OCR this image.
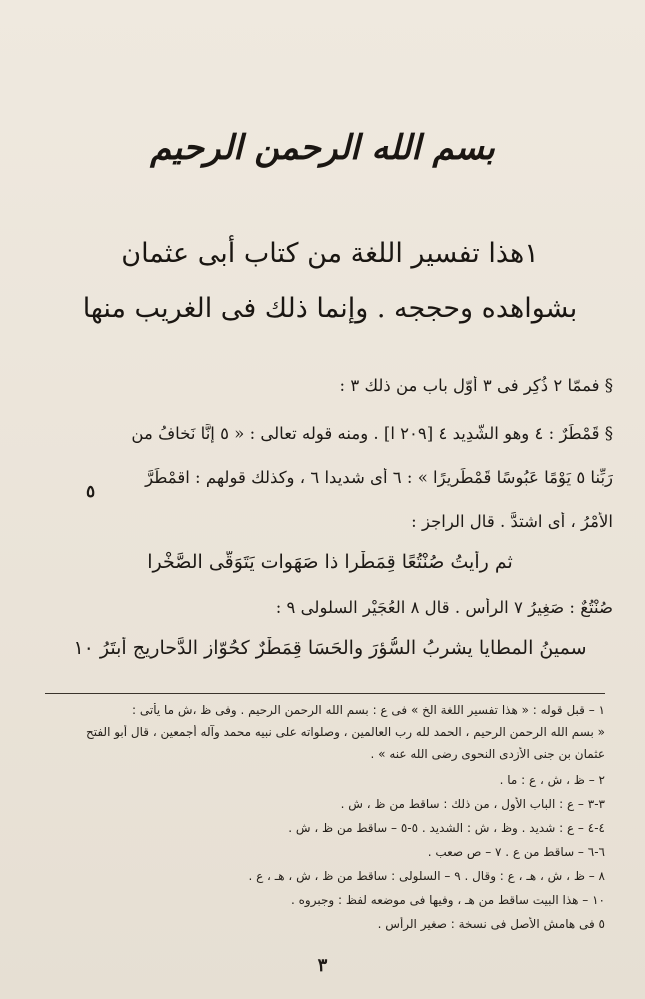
بسم الله الرحمن الرحيم
١هذا تفسير اللغة من كتاب أبى عثمان
بشواهده وحججه . وإنما ذلك فى الغريب منها
§ فممّا ٢ ذُكِر فى ٣ أوّل باب من ذلك ٣ :
§ قَمْطَرٌ : ٤ وهو الشَّدِيد ٤ [٢٠٩ ا] . ومنه قوله تعالى : « ٥ إنَّا نَخافُ من
رَبِّنا ٥ يَوْمًا عَبُوسًا قَمْطَرِيرًا » : ٦ أى شديدا ٦ ، وكذلك قولهم : اقمْطَرَّ
الأمْرُ ، أى اشتدَّ . قال الراجز :
٥
ثم رأيتُ صُنْتُعًا قِمَطْرا ذا صَهَوات يَتَوَقَّى الصَّخْرا
صُنْتُعٌ : صَغِيرُ ٧ الرأس . قال ٨ العُجَيْر السلولى ٩ :
سمينُ المطايا يشربُ السُّؤرَ والحَسَا قِمَطْرٌ كحُوّازِ الدَّحاريجِ أبتَرُ ١٠
١ – قبل قوله : « هذا تفسير اللغة الخ » فى ع : بسم الله الرحمن الرحيم . وفى ظ ،ش ما يأتى :
« بسم الله الرحمن الرحيم ، الحمد لله رب العالمين ، وصلواته على نبيه محمد وآله أجمعين ، قال أبو الفتح
عثمان بن جنى الأزدى النحوى رضى الله عنه » .
٢ – ظ ، ش ، ع : ما .
٣-٣ – ع : الباب الأول ، من ذلك : ساقط من ظ ، ش .
٤-٤ – ع : شديد . وظ ، ش : الشديد . ٥-٥ – ساقط من ظ ، ش .
٦-٦ – ساقط من ع . ٧ – ص صعب .
٨ – ظ ، ش ، هـ ، ع : وقال . ٩ – السلولى : ساقط من ظ ، ش ، هـ ، ع .
١٠ – هذا البيت ساقط من هـ ، وفيها فى موضعه لفظ : وجبروه .
٥ فى هامش الأصل فى نسخة : صغير الرأس .
٣
